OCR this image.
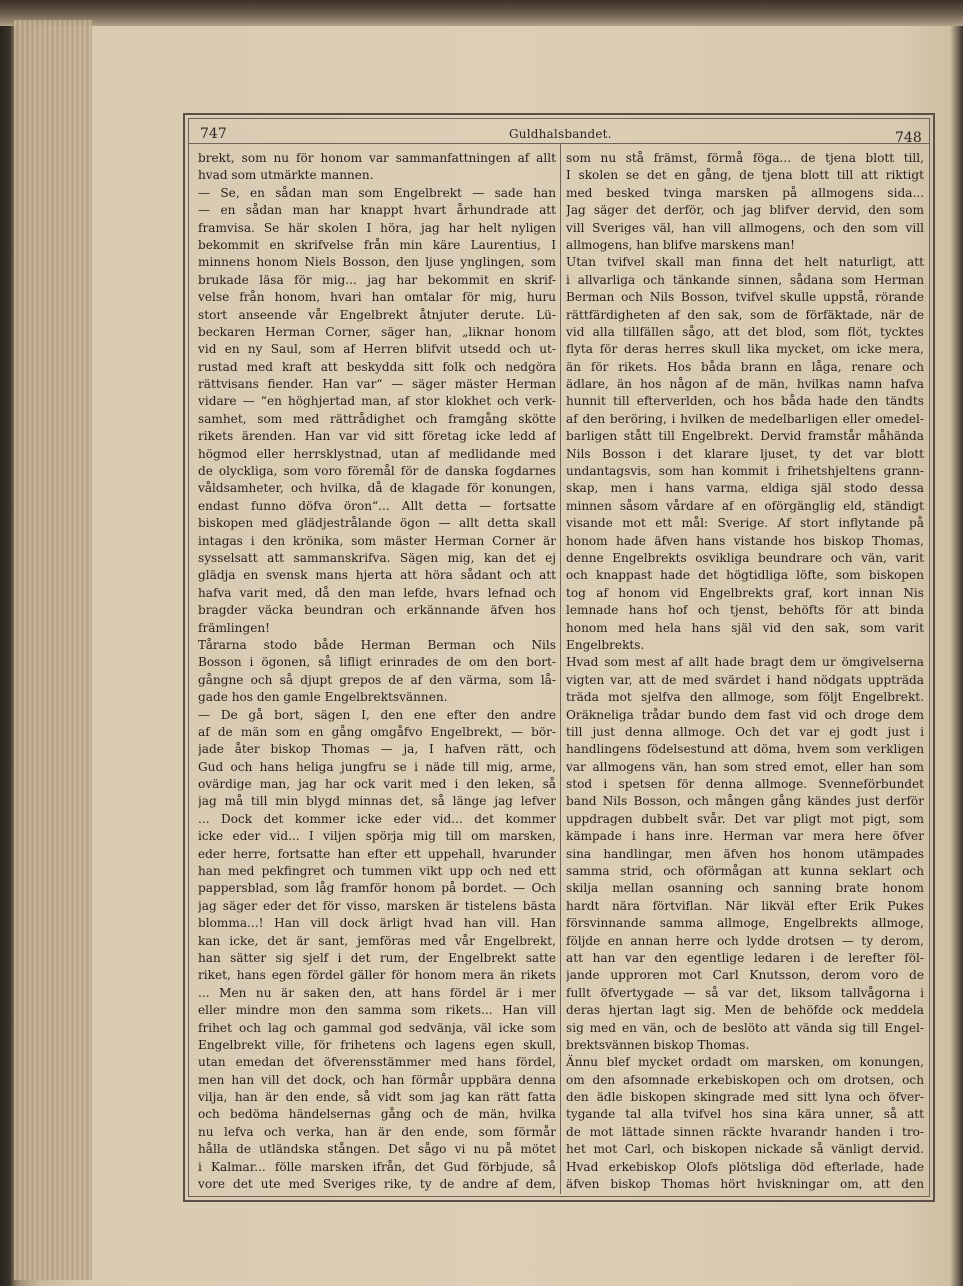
747	Guldhalsbandet.	748
brekt, som nu för honom var sammanfattningen af allt
hvad som utmärkte mannen.
— Se, en sådan man som Engelbrekt — sade han
— en sådan man har knappt hvart århundrade att
framvisa. Se här skolen I höra, jag har helt nyligen
bekommit en skrifvelse från min käre Laurentius, I
minnens honom Niels Bosson, den ljuse ynglingen, som
brukade läsa för mig... jag har bekommit en skrif-
velse från honom, hvari han omtalar för mig, huru
stort anseende vår Engelbrekt åtnjuter derute. Lü-
beckaren Herman Corner, säger han, „liknar honom
vid en ny Saul, som af Herren blifvit utsedd och ut-
rustad med kraft att beskydda sitt folk och nedgöra
rättvisans fiender. Han var“ — säger mäster Herman
vidare — “en höghjertad man, af stor klokhet och verk-
samhet, som med rättrådighet och framgång skötte
rikets ärenden. Han var vid sitt företag icke ledd af
högmod eller herrsklystnad, utan af medlidande med
de olyckliga, som voro föremål för de danska fogdarnes
våldsamheter, och hvilka, då de klagade för konungen,
endast funno döfva öron“... Allt detta — fortsatte
biskopen med glädjestrålande ögon — allt detta skall
intagas i den krönika, som mäster Herman Corner är
sysselsatt att sammanskrifva. Sägen mig, kan det ej
glädja en svensk mans hjerta att höra sådant och att
hafva varit med, då den man lefde, hvars lefnad och
bragder väcka beundran och erkännande äfven hos
främlingen!
Tårarna stodo både Herman Berman och Nils
Bosson i ögonen, så lifligt erinrades de om den bort-
gångne och så djupt grepos de af den värma, som lå-
gade hos den gamle Engelbrektsvännen.
— De gå bort, sägen I, den ene efter den andre
af de män som en gång omgåfvo Engelbrekt, — bör-
jade åter biskop Thomas — ja, I hafven rätt, och
Gud och hans heliga jungfru se i näde till mig, arme,
ovärdige man, jag har ock varit med i den leken, så
jag må till min blygd minnas det, så länge jag lefver
... Dock det kommer icke eder vid... det kommer
icke eder vid... I viljen spörja mig till om marsken,
eder herre, fortsatte han efter ett uppehall, hvarunder
han med pekfingret och tummen vikt upp och ned ett
pappersblad, som låg framför honom på bordet. — Och
jag säger eder det för visso, marsken är tistelens bästa
blomma...! Han vill dock ärligt hvad han vill. Han
kan icke, det är sant, jemföras med vår Engelbrekt,
han sätter sig sjelf i det rum, der Engelbrekt satte
riket, hans egen fördel gäller för honom mera än rikets
... Men nu är saken den, att hans fördel är i mer
eller mindre mon den samma som rikets... Han vill
frihet och lag och gammal god sedvänja, väl icke som
Engelbrekt ville, för frihetens och lagens egen skull,
utan emedan det öfverensstämmer med hans fördel,
men han vill det dock, och han förmår uppbära denna
vilja, han är den ende, så vidt som jag kan rätt fatta
och bedöma händelsernas gång och de män, hvilka
nu lefva och verka, han är den ende, som förmår
hålla de utländska stången. Det sågo vi nu på mötet
i Kalmar... fölle marsken ifrån, det Gud förbjude, så
vore det ute med Sveriges rike, ty de andre af dem,
som nu stå främst, förmå föga... de tjena blott till,
I skolen se det en gång, de tjena blott till att riktigt
med besked tvinga marsken på allmogens sida...
Jag säger det derför, och jag blifver dervid, den som
vill Sveriges väl, han vill allmogens, och den som vill
allmogens, han blifve marskens man!
Utan tvifvel skall man finna det helt naturligt, att
i allvarliga och tänkande sinnen, sådana som Herman
Berman och Nils Bosson, tvifvel skulle uppstå, rörande
rättfärdigheten af den sak, som de förfäktade, när de
vid alla tillfällen sågo, att det blod, som flöt, tycktes
flyta för deras herres skull lika mycket, om icke mera,
än för rikets. Hos båda brann en låga, renare och
ädlare, än hos någon af de män, hvilkas namn hafva
hunnit till efterverlden, och hos båda hade den tändts
af den beröring, i hvilken de medelbarligen eller omedel-
barligen stått till Engelbrekt. Dervid framstår måhända
Nils Bosson i det klarare ljuset, ty det var blott
undantagsvis, som han kommit i frihetshjeltens grann-
skap, men i hans varma, eldiga själ stodo dessa
minnen såsom vårdare af en oförgänglig eld, ständigt
visande mot ett mål: Sverige. Af stort inflytande på
honom hade äfven hans vistande hos biskop Thomas,
denne Engelbrekts osvikliga beundrare och vän, varit
och knappast hade det högtidliga löfte, som biskopen
tog af honom vid Engelbrekts graf, kort innan Nis
lemnade hans hof och tjenst, behöfts för att binda
honom med hela hans själ vid den sak, som varit
Engelbrekts.
Hvad som mest af allt hade bragt dem ur ömgivelserna
vigten var, att de med svärdet i hand nödgats uppträda
träda mot sjelfva den allmoge, som följt Engelbrekt.
Oräkneliga trådar bundo dem fast vid och droge dem
till just denna allmoge. Och det var ej godt just i
handlingens födelsestund att döma, hvem som verkligen
var allmogens vän, han som stred emot, eller han som
stod i spetsen för denna allmoge. Svenneförbundet
band Nils Bosson, och mången gång kändes just derför
uppdragen dubbelt svår. Det var pligt mot pigt, som
kämpade i hans inre. Herman var mera here öfver
sina handlingar, men äfven hos honom utämpades
samma strid, och oförmågan att kunna seklart och
skilja mellan osanning och sanning brate honom
hardt nära förtviflan. När likväl efter Erik Pukes
försvinnande samma allmoge, Engelbrekts allmoge,
följde en annan herre och lydde drotsen — ty derom,
att han var den egentlige ledaren i de lerefter föl-
jande upproren mot Carl Knutsson, derom voro de
fullt öfvertygade — så var det, liksom tallvågorna i
deras hjertan lagt sig. Men de behöfde ock meddela
sig med en vän, och de beslöto att vända sig till Engel-
brektsvännen biskop Thomas.
Ännu blef mycket ordadt om marsken, om konungen,
om den afsomnade erkebiskopen och om drotsen, och
den ädle biskopen skingrade med sitt lyna och öfver-
tygande tal alla tvifvel hos sina kära unner, så att
de mot lättade sinnen räckte hvarandr handen i tro-
het mot Carl, och biskopen nickade så vänligt dervid.
Hvad erkebiskop Olofs plötsliga död efterlade, hade
äfven biskop Thomas hört hviskningar om, att den
